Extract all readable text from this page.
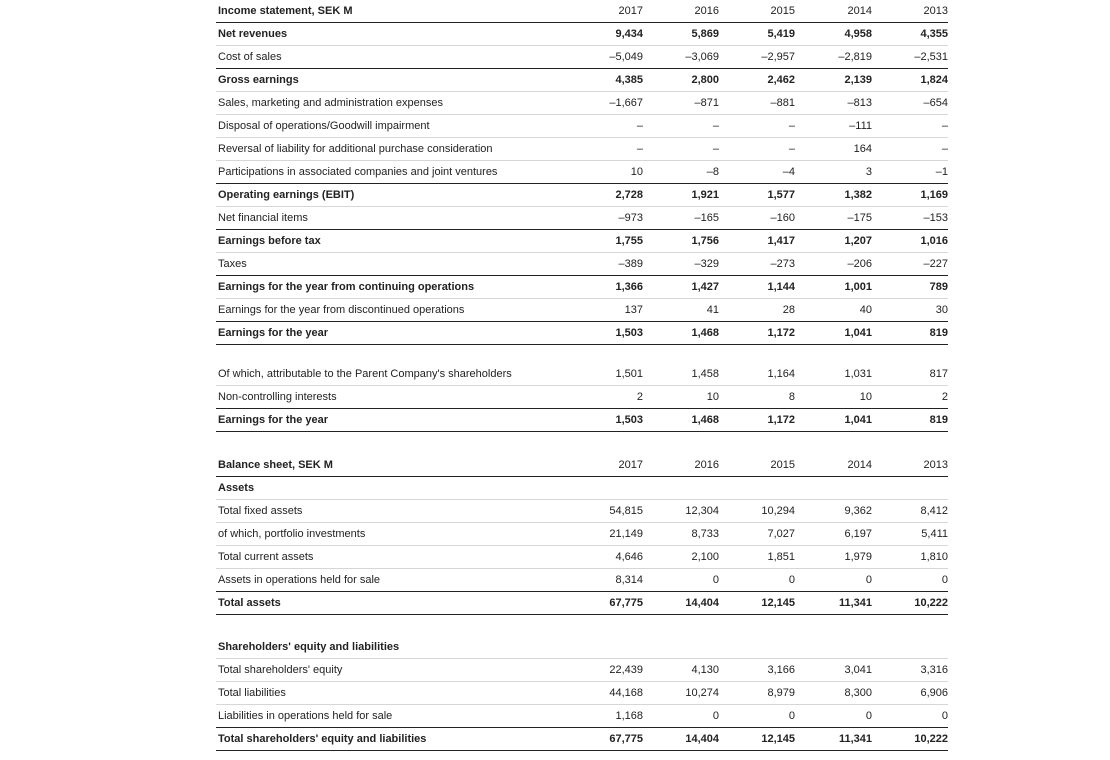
Income statement, SEK M	2017	2016	2015	2014	2013
Net revenues	9,434	5,869	5,419	4,958	4,355
Cost of sales	–5,049	–3,069	–2,957	–2,819	–2,531
Gross earnings	4,385	2,800	2,462	2,139	1,824
Sales, marketing and administration expenses	–1,667	–871	–881	–813	–654
Disposal of operations/Goodwill impairment	–	–	–	–111	–
Reversal of liability for additional purchase consideration	–	–	–	164	–
Participations in associated companies and joint ventures	10	–8	–4	3	–1
Operating earnings (EBIT)	2,728	1,921	1,577	1,382	1,169
Net financial items	–973	–165	–160	–175	–153
Earnings before tax	1,755	1,756	1,417	1,207	1,016
Taxes	–389	–329	–273	–206	–227
Earnings for the year from continuing operations	1,366	1,427	1,144	1,001	789
Earnings for the year from discontinued operations	137	41	28	40	30
Earnings for the year	1,503	1,468	1,172	1,041	819
Of which, attributable to the Parent Company's shareholders	1,501	1,458	1,164	1,031	817
Non-controlling interests	2	10	8	10	2
Earnings for the year	1,503	1,468	1,172	1,041	819
Balance sheet, SEK M	2017	2016	2015	2014	2013
Assets
Total fixed assets	54,815	12,304	10,294	9,362	8,412
of which, portfolio investments	21,149	8,733	7,027	6,197	5,411
Total current assets	4,646	2,100	1,851	1,979	1,810
Assets in operations held for sale	8,314	0	0	0	0
Total assets	67,775	14,404	12,145	11,341	10,222
Shareholders' equity and liabilities
Total shareholders' equity	22,439	4,130	3,166	3,041	3,316
Total liabilities	44,168	10,274	8,979	8,300	6,906
Liabilities in operations held for sale	1,168	0	0	0	0
Total shareholders' equity and liabilities	67,775	14,404	12,145	11,341	10,222
